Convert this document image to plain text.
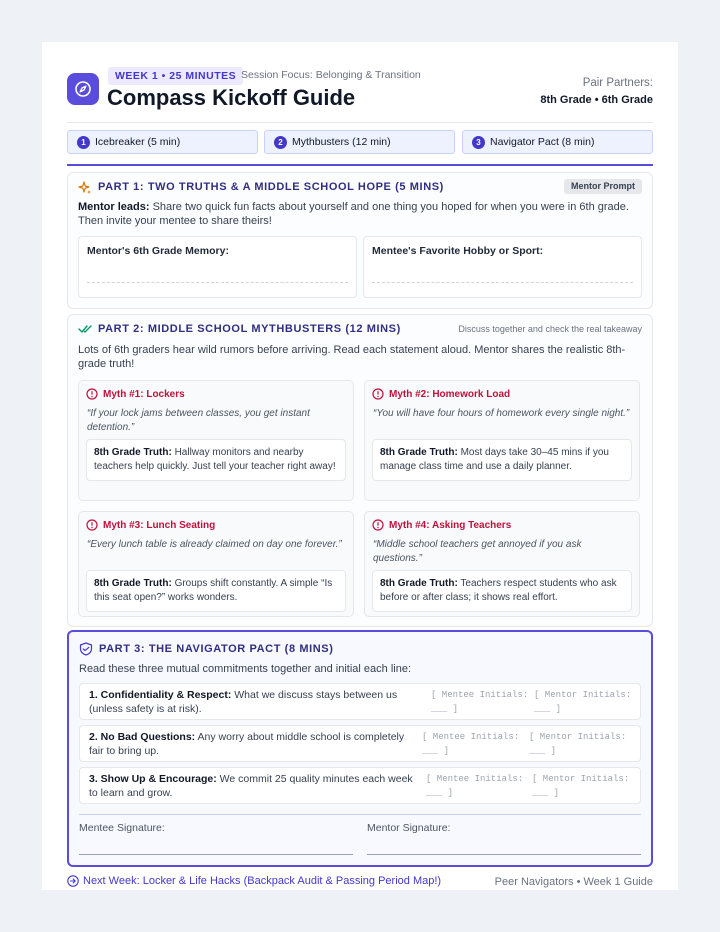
WEEK 1 • 25 MINUTES Session Focus: Belonging & Transition
Compass Kickoff Guide
Pair Partners:
8th Grade • 6th Grade
1 Icebreaker (5 min)	2 Mythbusters (12 min)	3 Navigator Pact (8 min)
PART 1: TWO TRUTHS & A MIDDLE SCHOOL HOPE (5 MINS)	Mentor Prompt
Mentor leads: Share two quick fun facts about yourself and one thing you hoped for when you were in 6th grade. Then invite your mentee to share theirs!
Mentor's 6th Grade Memory:	Mentee's Favorite Hobby or Sport:
PART 2: MIDDLE SCHOOL MYTHBUSTERS (12 MINS)	Discuss together and check the real takeaway
Lots of 6th graders hear wild rumors before arriving. Read each statement aloud. Mentor shares the realistic 8th-grade truth!
Myth #1: Lockers
“If your lock jams between classes, you get instant detention.”
8th Grade Truth: Hallway monitors and nearby teachers help quickly. Just tell your teacher right away!
Myth #2: Homework Load
“You will have four hours of homework every single night.”
8th Grade Truth: Most days take 30–45 mins if you manage class time and use a daily planner.
Myth #3: Lunch Seating
“Every lunch table is already claimed on day one forever.”
8th Grade Truth: Groups shift constantly. A simple “Is this seat open?” works wonders.
Myth #4: Asking Teachers
“Middle school teachers get annoyed if you ask questions.”
8th Grade Truth: Teachers respect students who ask before or after class; it shows real effort.
PART 3: THE NAVIGATOR PACT (8 MINS)
Read these three mutual commitments together and initial each line:
1. Confidentiality & Respect: What we discuss stays between us (unless safety is at risk).
[ Mentee Initials:
___ ]
[ Mentor Initials:
___ ]
2. No Bad Questions: Any worry about middle school is completely fair to bring up.
[ Mentee Initials:
___ ]
[ Mentor Initials:
___ ]
3. Show Up & Encourage: We commit 25 quality minutes each week to learn and grow.
[ Mentee Initials:
___ ]
[ Mentor Initials:
___ ]
Mentee Signature:	Mentor Signature:
Next Week: Locker & Life Hacks (Backpack Audit & Passing Period Map!)	Peer Navigators • Week 1 Guide
